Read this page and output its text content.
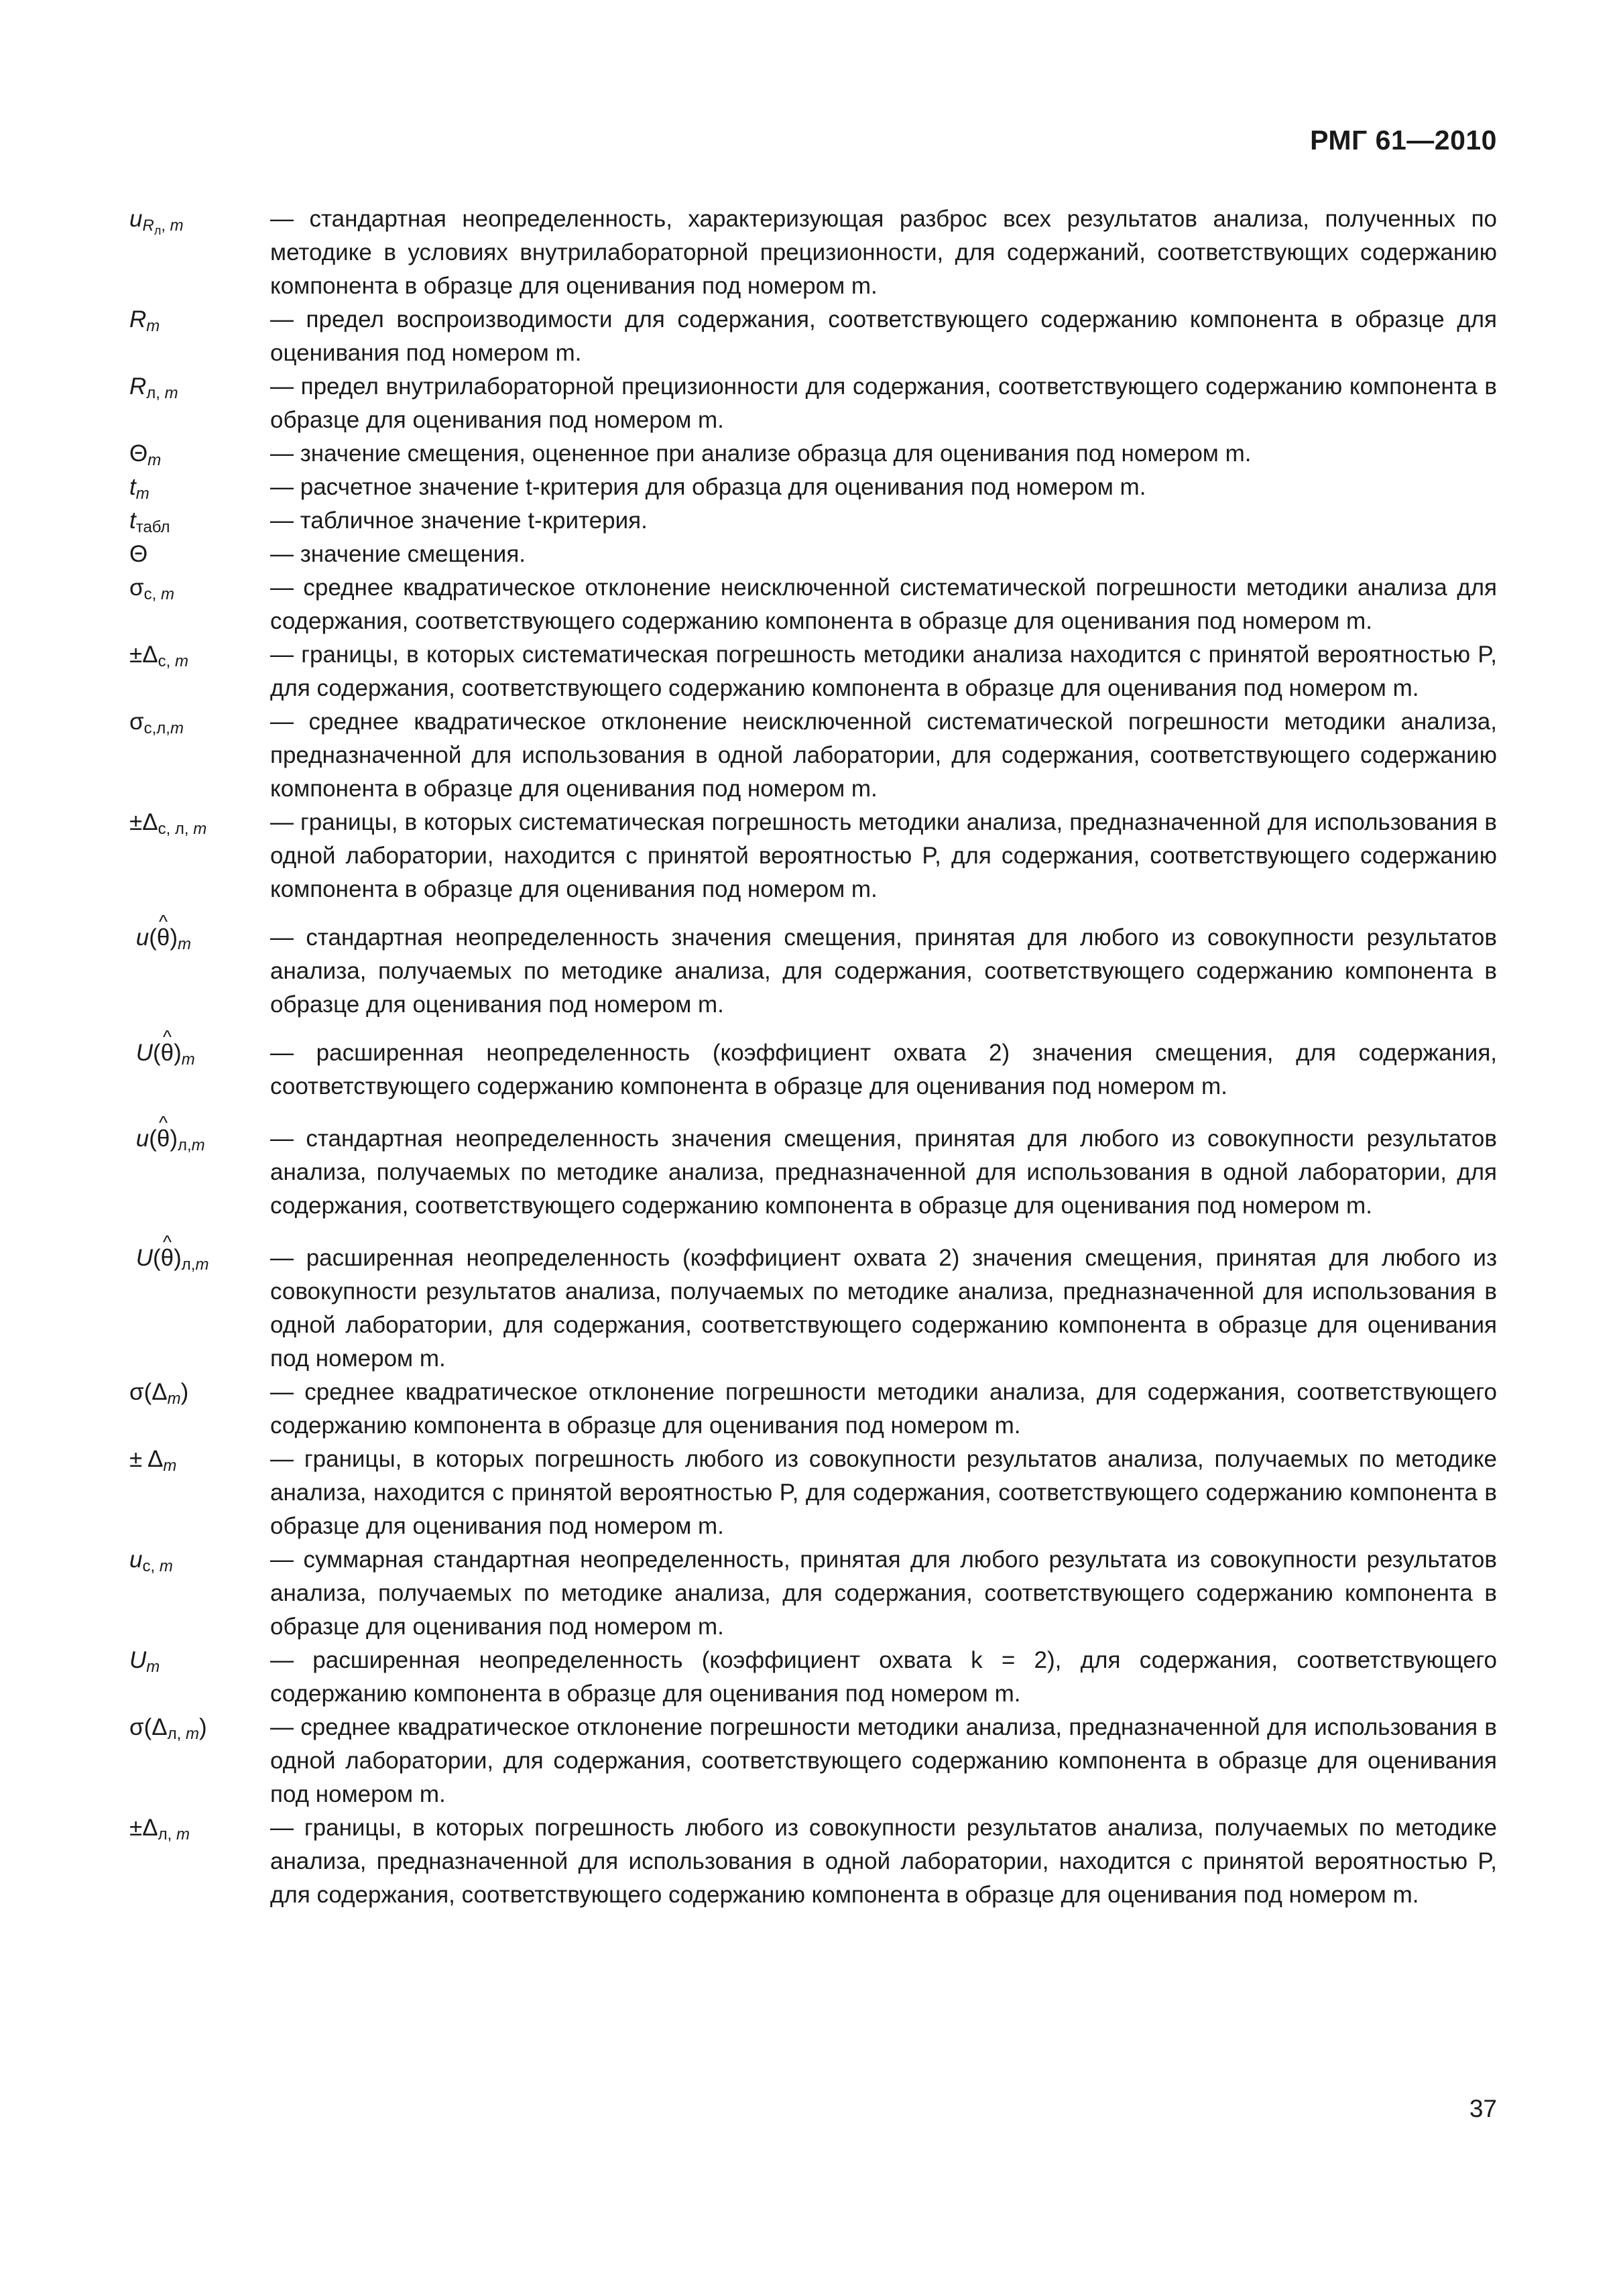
РМГ 61—2010
$u_{R_л, m}$	— стандартная неопределенность, характеризующая разброс всех результатов анализа, полученных по методике в условиях внутрилабораторной прецизионности, для содержаний, соответствующих содержанию компонента в образце для оценивания под номером m.
$R_m$	— предел воспроизводимости для содержания, соответствующего содержанию компонента в образце для оценивания под номером m.
$R_{л, m}$	— предел внутрилабораторной прецизионности для содержания, соответствующего содержанию компонента в образце для оценивания под номером m.
$\Theta_m$	— значение смещения, оцененное при анализе образца для оценивания под номером m.
$t_m$	— расчетное значение t-критерия для образца для оценивания под номером m.
$t_{табл}$	— табличное значение t-критерия.
Θ	— значение смещения.
$\sigma_{с, m}$	— среднее квадратическое отклонение неисключенной систематической погрешности методики анализа для содержания, соответствующего содержанию компонента в образце для оценивания под номером m.
$\pm\Delta_{с, m}$	— границы, в которых систематическая погрешность методики анализа находится с принятой вероятностью P, для содержания, соответствующего содержанию компонента в образце для оценивания под номером m.
$\sigma_{с,л,m}$	— среднее квадратическое отклонение неисключенной систематической погрешности методики анализа, предназначенной для использования в одной лаборатории, для содержания, соответствующего содержанию компонента в образце для оценивания под номером m.
$\pm\Delta_{с, л, m}$	— границы, в которых систематическая погрешность методики анализа, предназначенной для использования в одной лаборатории, находится с принятой вероятностью P, для содержания, соответствующего содержанию компонента в образце для оценивания под номером m.
u(^ $\theta)_m$	— стандартная неопределенность значения смещения, принятая для любого из совокупности результатов анализа, получаемых по методике анализа, для содержания, соответствующего содержанию компонента в образце для оценивания под номером m.
U(^ $\theta)_m$	— расширенная неопределенность (коэффициент охвата 2) значения смещения, для содержания, соответствующего содержанию компонента в образце для оценивания под номером m.
u(^ $\theta)_{л,m}$	— стандартная неопределенность значения смещения, принятая для любого из совокупности результатов анализа, получаемых по методике анализа, предназначенной для использования в одной лаборатории, для содержания, соответствующего содержанию компонента в образце для оценивания под номером m.
U(^ $\theta)_{л,m}$	— расширенная неопределенность (коэффициент охвата 2) значения смещения, принятая для любого из совокупности результатов анализа, получаемых по методике анализа, предназначенной для использования в одной лаборатории, для содержания, соответствующего содержанию компонента в образце для оценивания под номером m.
$\sigma(\Delta_m)$	— среднее квадратическое отклонение погрешности методики анализа, для содержания, соответствующего содержанию компонента в образце для оценивания под номером m.
± $\Delta_m$	— границы, в которых погрешность любого из совокупности результатов анализа, получаемых по методике анализа, находится с принятой вероятностью P, для содержания, соответствующего содержанию компонента в образце для оценивания под номером m.
$u_{с, m}$	— суммарная стандартная неопределенность, принятая для любого результата из совокупности результатов анализа, получаемых по методике анализа, для содержания, соответствующего содержанию компонента в образце для оценивания под номером m.
$U_m$	— расширенная неопределенность (коэффициент охвата k = 2), для содержания, соответствующего содержанию компонента в образце для оценивания под номером m.
$\sigma(\Delta_{л, m})$	— среднее квадратическое отклонение погрешности методики анализа, предназначенной для использования в одной лаборатории, для содержания, соответствующего содержанию компонента в образце для оценивания под номером m.
$\pm\Delta_{л, m}$	— границы, в которых погрешность любого из совокупности результатов анализа, получаемых по методике анализа, предназначенной для использования в одной лаборатории, находится с принятой вероятностью P, для содержания, соответствующего содержанию компонента в образце для оценивания под номером m.
37
